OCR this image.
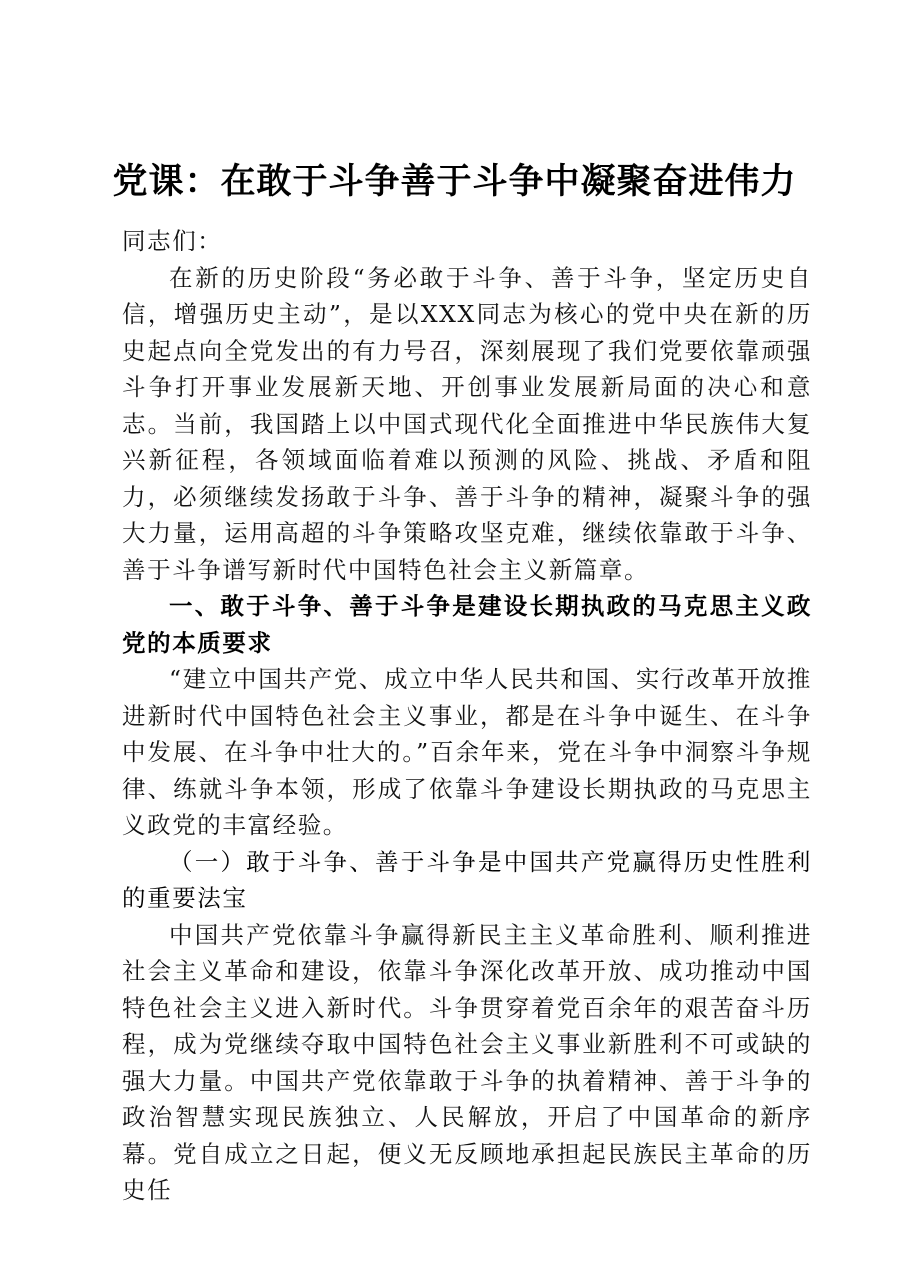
党课：在敢于斗争善于斗争中凝聚奋进伟力

同志们：

在新的历史阶段“务必敢于斗争、善于斗争，坚定历史自信，增强历史主动”，是以XXX同志为核心的党中央在新的历史起点向全党发出的有力号召，深刻展现了我们党要依靠顽强斗争打开事业发展新天地、开创事业发展新局面的决心和意志。当前，我国踏上以中国式现代化全面推进中华民族伟大复兴新征程，各领域面临着难以预测的风险、挑战、矛盾和阻力，必须继续发扬敢于斗争、善于斗争的精神，凝聚斗争的强大力量，运用高超的斗争策略攻坚克难，继续依靠敢于斗争、善于斗争谱写新时代中国特色社会主义新篇章。

一、敢于斗争、善于斗争是建设长期执政的马克思主义政党的本质要求

“建立中国共产党、成立中华人民共和国、实行改革开放推进新时代中国特色社会主义事业，都是在斗争中诞生、在斗争中发展、在斗争中壮大的。”百余年来，党在斗争中洞察斗争规律、练就斗争本领，形成了依靠斗争建设长期执政的马克思主义政党的丰富经验。

（一）敢于斗争、善于斗争是中国共产党赢得历史性胜利的重要法宝

中国共产党依靠斗争赢得新民主主义革命胜利、顺利推进社会主义革命和建设，依靠斗争深化改革开放、成功推动中国特色社会主义进入新时代。斗争贯穿着党百余年的艰苦奋斗历程，成为党继续夺取中国特色社会主义事业新胜利不可或缺的强大力量。中国共产党依靠敢于斗争的执着精神、善于斗争的政治智慧实现民族独立、人民解放，开启了中国革命的新序幕。党自成立之日起，便义无反顾地承担起民族民主革命的历史任
